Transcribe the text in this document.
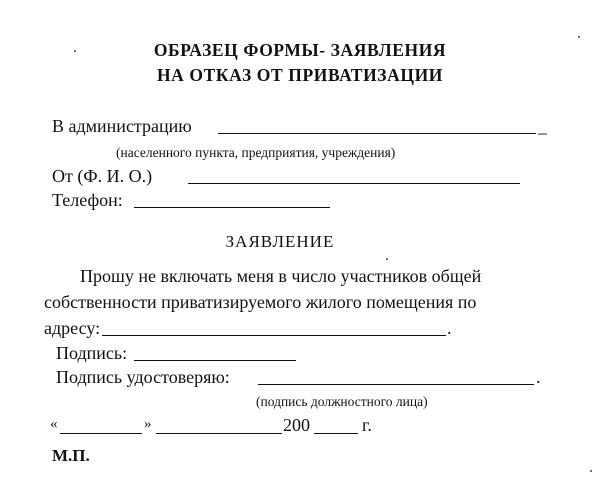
ОБРАЗЕЦ ФОРМЫ- ЗАЯВЛЕНИЯ
НА ОТКАЗ ОТ ПРИВАТИЗАЦИИ
В администрацию	_
(населенного пункта, предприятия, учреждения)
От (Ф. И. О.)
Телефон:
ЗАЯВЛЕНИЕ
Прошу не включать меня в число участников общей
собственности приватизируемого жилого помещения по
адресу:	.
Подпись:
Подпись удостоверяю:	.
(подпись должностного лица)
«	»	200	г.
М.П.
